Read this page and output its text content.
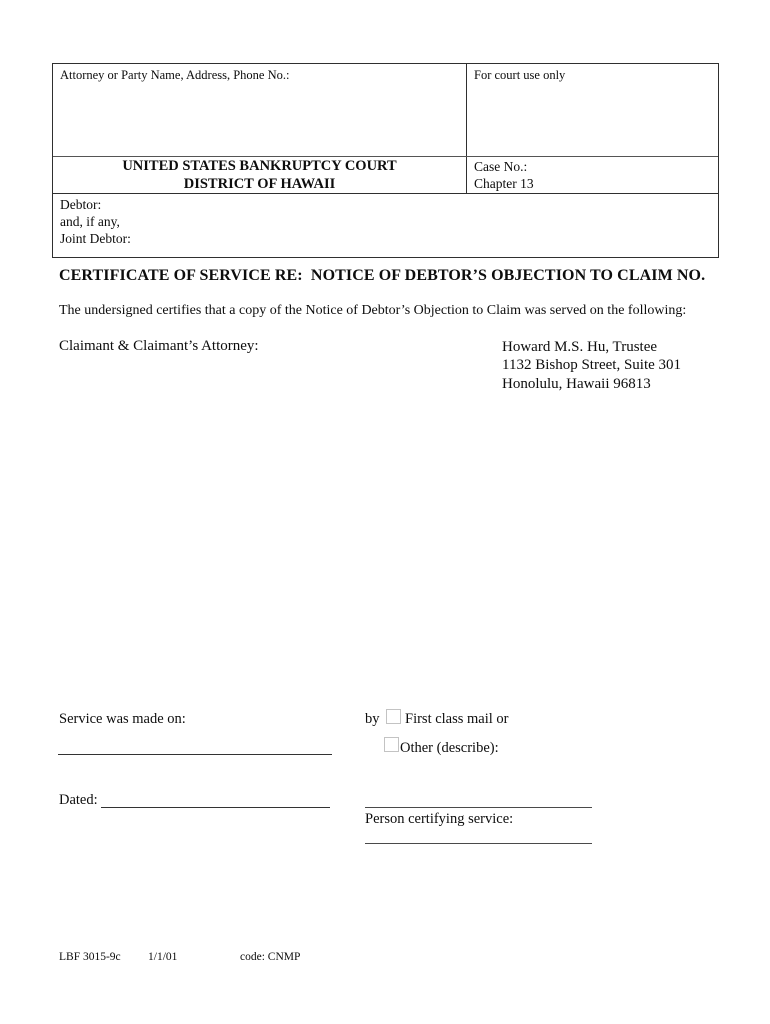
Attorney or Party Name, Address, Phone No.:	For court use only
UNITED STATES BANKRUPTCY COURT
DISTRICT OF HAWAII
Case No.:
Chapter 13
Debtor:
and, if any,
Joint Debtor:
CERTIFICATE OF SERVICE RE:  NOTICE OF DEBTOR’S OBJECTION TO CLAIM NO.
The undersigned certifies that a copy of the Notice of Debtor’s Objection to Claim was served on the following:
Claimant & Claimant’s Attorney:	Howard M.S. Hu, Trustee
1132 Bishop Street, Suite 301
Honolulu, Hawaii 96813
Service was made on:	by First class mail or
Other (describe):
Dated:
Person certifying service:
LBF 3015-9c 1/1/01	code: CNMP
